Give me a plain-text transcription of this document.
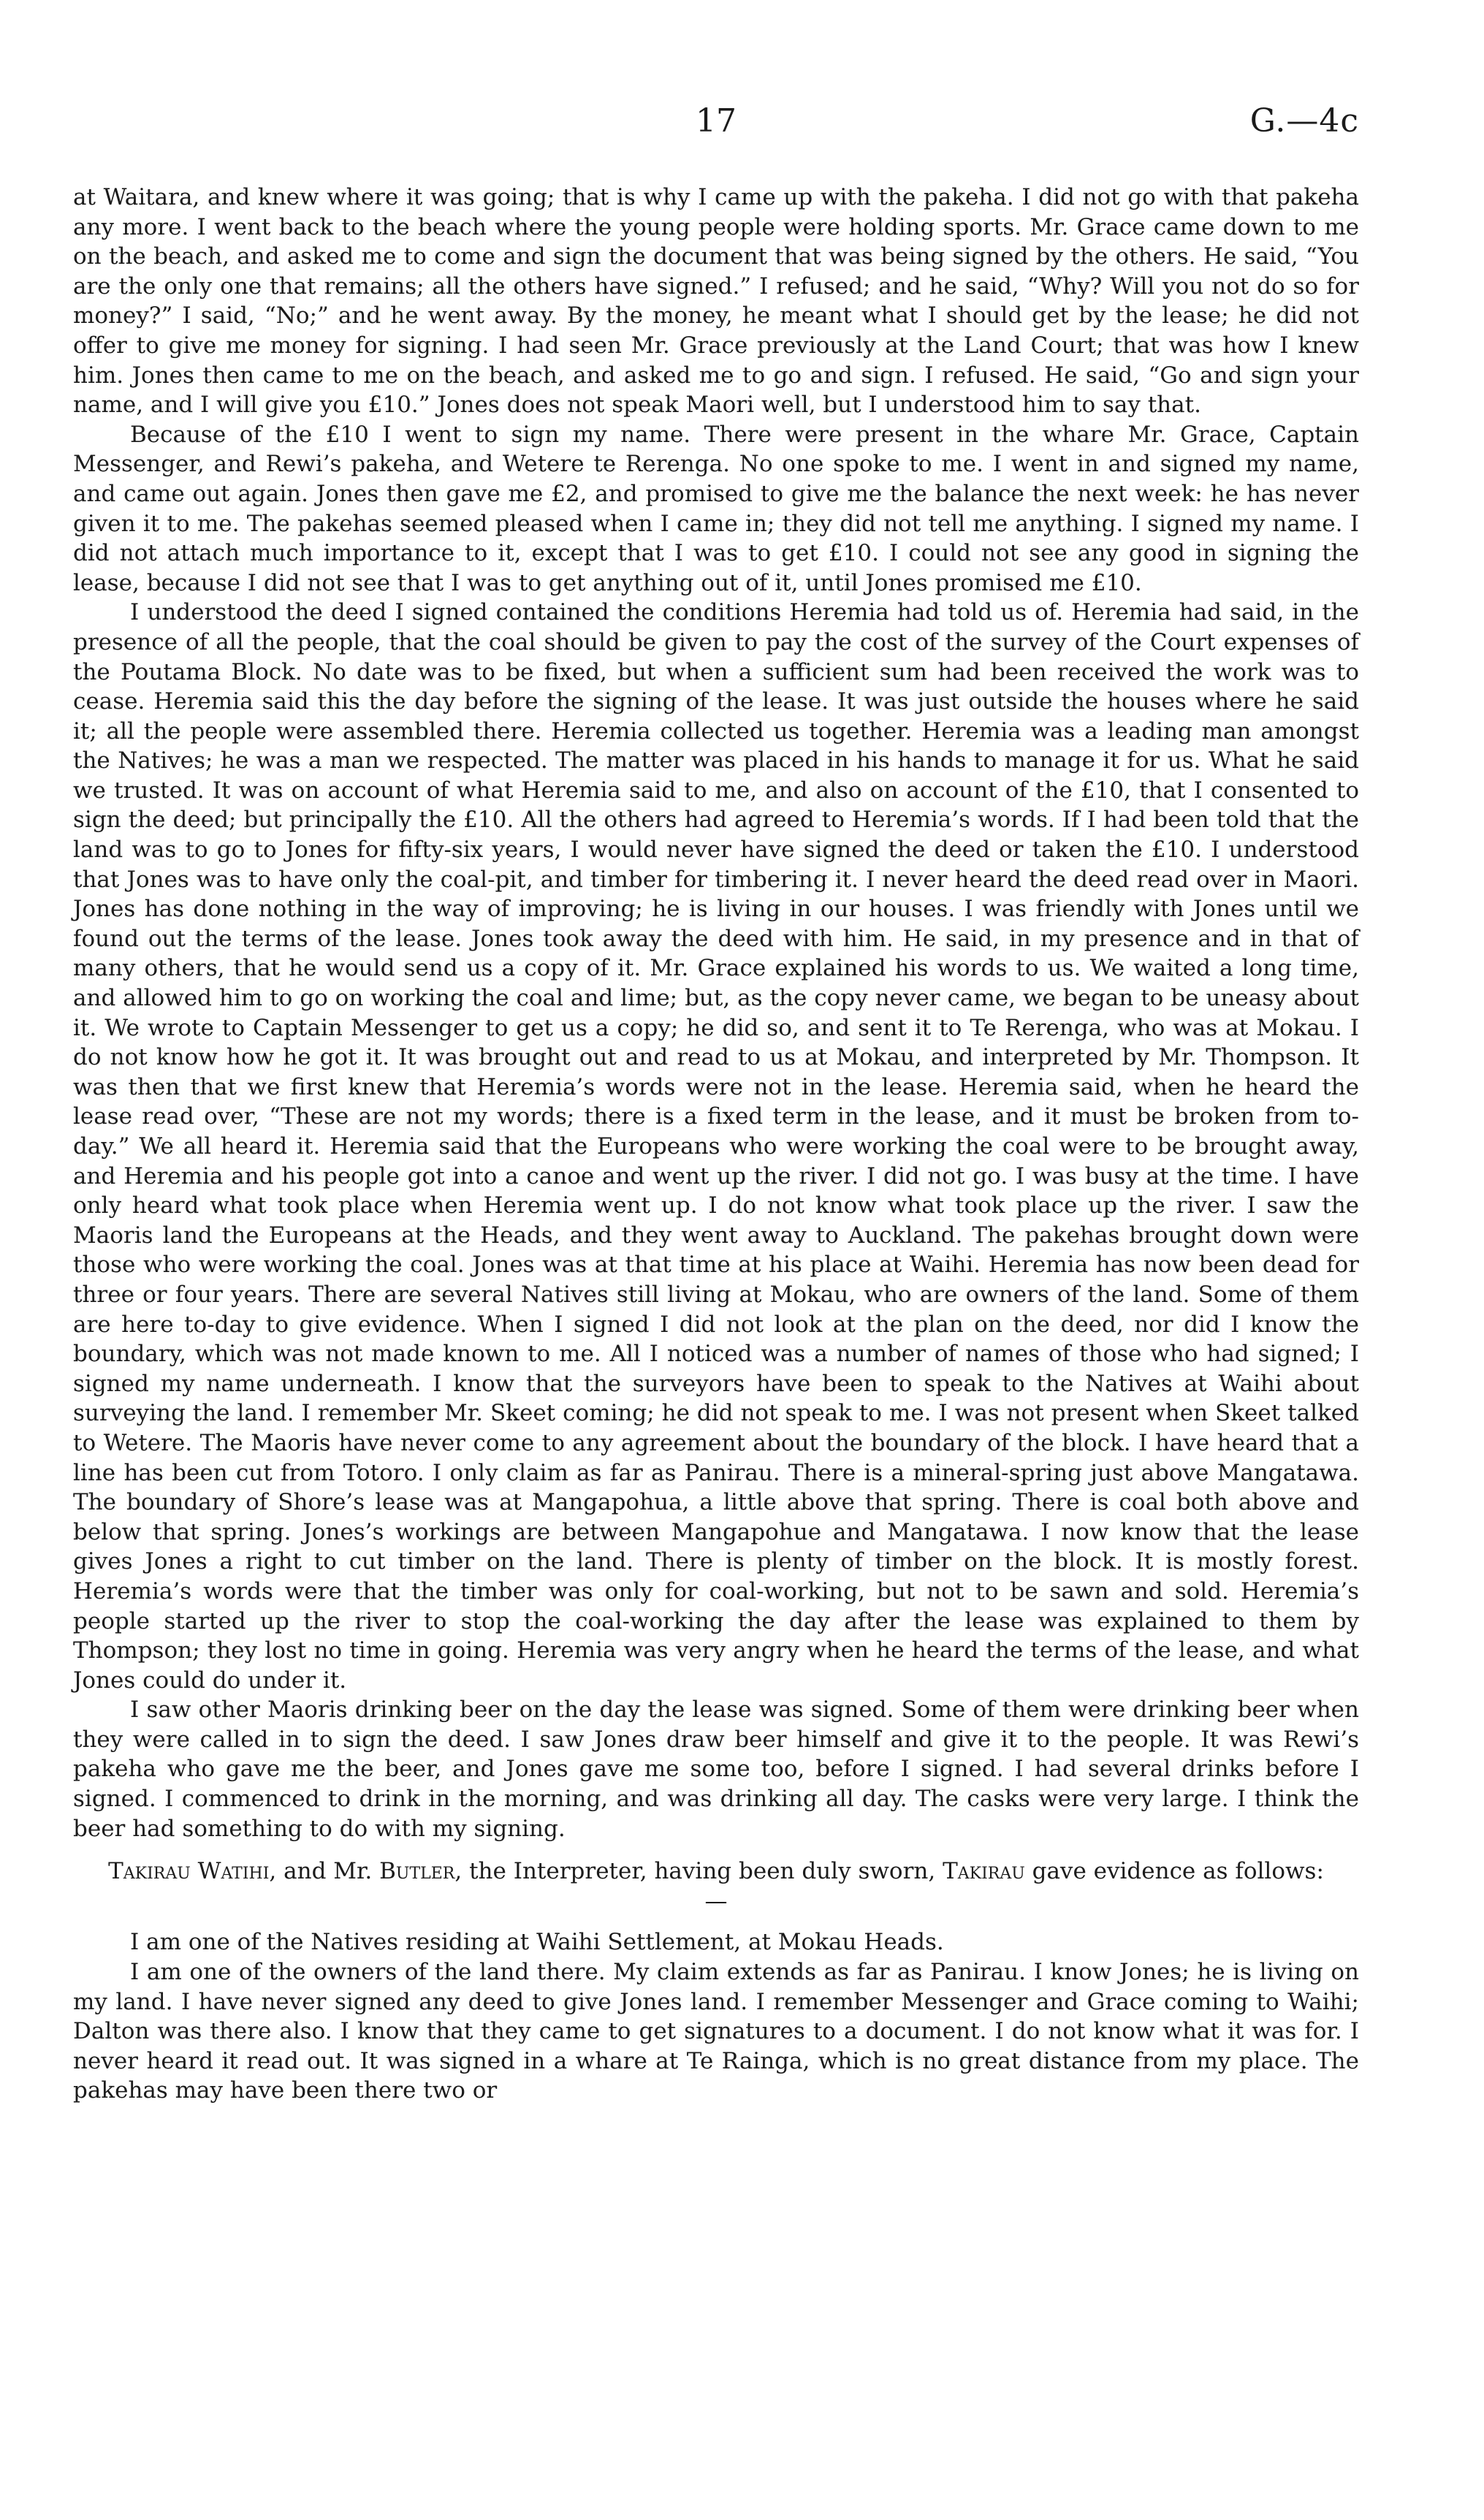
17	G.—4c

at Waitara, and knew where it was going; that is why I came up with the pakeha. I did not go with that pakeha any more. I went back to the beach where the young people were holding sports. Mr. Grace came down to me on the beach, and asked me to come and sign the document that was being signed by the others. He said, “You are the only one that remains; all the others have signed.” I refused; and he said, “Why? Will you not do so for money?” I said, “No;” and he went away. By the money, he meant what I should get by the lease; he did not offer to give me money for signing. I had seen Mr. Grace previously at the Land Court; that was how I knew him. Jones then came to me on the beach, and asked me to go and sign. I refused. He said, “Go and sign your name, and I will give you £10.” Jones does not speak Maori well, but I understood him to say that.

Because of the £10 I went to sign my name. There were present in the whare Mr. Grace, Captain Messenger, and Rewi’s pakeha, and Wetere te Rerenga. No one spoke to me. I went in and signed my name, and came out again. Jones then gave me £2, and promised to give me the balance the next week: he has never given it to me. The pakehas seemed pleased when I came in; they did not tell me anything. I signed my name. I did not attach much importance to it, except that I was to get £10. I could not see any good in signing the lease, because I did not see that I was to get anything out of it, until Jones promised me £10.

I understood the deed I signed contained the conditions Heremia had told us of. Heremia had said, in the presence of all the people, that the coal should be given to pay the cost of the survey of the Court expenses of the Poutama Block. No date was to be fixed, but when a sufficient sum had been received the work was to cease. Heremia said this the day before the signing of the lease. It was just outside the houses where he said it; all the people were assembled there. Heremia collected us together. Heremia was a leading man amongst the Natives; he was a man we respected. The matter was placed in his hands to manage it for us. What he said we trusted. It was on account of what Heremia said to me, and also on account of the £10, that I consented to sign the deed; but principally the £10. All the others had agreed to Heremia’s words. If I had been told that the land was to go to Jones for fifty-six years, I would never have signed the deed or taken the £10. I understood that Jones was to have only the coal-pit, and timber for timbering it. I never heard the deed read over in Maori. Jones has done nothing in the way of improving; he is living in our houses. I was friendly with Jones until we found out the terms of the lease. Jones took away the deed with him. He said, in my presence and in that of many others, that he would send us a copy of it. Mr. Grace explained his words to us. We waited a long time, and allowed him to go on working the coal and lime; but, as the copy never came, we began to be uneasy about it. We wrote to Captain Messenger to get us a copy; he did so, and sent it to Te Rerenga, who was at Mokau. I do not know how he got it. It was brought out and read to us at Mokau, and interpreted by Mr. Thompson. It was then that we first knew that Heremia’s words were not in the lease. Heremia said, when he heard the lease read over, “These are not my words; there is a fixed term in the lease, and it must be broken from to-day.” We all heard it. Heremia said that the Europeans who were working the coal were to be brought away, and Heremia and his people got into a canoe and went up the river. I did not go. I was busy at the time. I have only heard what took place when Heremia went up. I do not know what took place up the river. I saw the Maoris land the Europeans at the Heads, and they went away to Auckland. The pakehas brought down were those who were working the coal. Jones was at that time at his place at Waihi. Heremia has now been dead for three or four years. There are several Natives still living at Mokau, who are owners of the land. Some of them are here to-day to give evidence. When I signed I did not look at the plan on the deed, nor did I know the boundary, which was not made known to me. All I noticed was a number of names of those who had signed; I signed my name underneath. I know that the surveyors have been to speak to the Natives at Waihi about surveying the land. I remember Mr. Skeet coming; he did not speak to me. I was not present when Skeet talked to Wetere. The Maoris have never come to any agreement about the boundary of the block. I have heard that a line has been cut from Totoro. I only claim as far as Panirau. There is a mineral-spring just above Mangatawa. The boundary of Shore’s lease was at Mangapohua, a little above that spring. There is coal both above and below that spring. Jones’s workings are between Mangapohue and Mangatawa. I now know that the lease gives Jones a right to cut timber on the land. There is plenty of timber on the block. It is mostly forest. Heremia’s words were that the timber was only for coal-working, but not to be sawn and sold. Heremia’s people started up the river to stop the coal-working the day after the lease was explained to them by Thompson; they lost no time in going. Heremia was very angry when he heard the terms of the lease, and what Jones could do under it.

I saw other Maoris drinking beer on the day the lease was signed. Some of them were drinking beer when they were called in to sign the deed. I saw Jones draw beer himself and give it to the people. It was Rewi’s pakeha who gave me the beer, and Jones gave me some too, before I signed. I had several drinks before I signed. I commenced to drink in the morning, and was drinking all day. The casks were very large. I think the beer had something to do with my signing.

Takirau Watihi, and Mr. Butler, the Interpreter, having been duly sworn, Takirau gave evidence as follows:—

I am one of the Natives residing at Waihi Settlement, at Mokau Heads.

I am one of the owners of the land there. My claim extends as far as Panirau. I know Jones; he is living on my land. I have never signed any deed to give Jones land. I remember Messenger and Grace coming to Waihi; Dalton was there also. I know that they came to get signatures to a document. I do not know what it was for. I never heard it read out. It was signed in a whare at Te Rainga, which is no great distance from my place. The pakehas may have been there two or
